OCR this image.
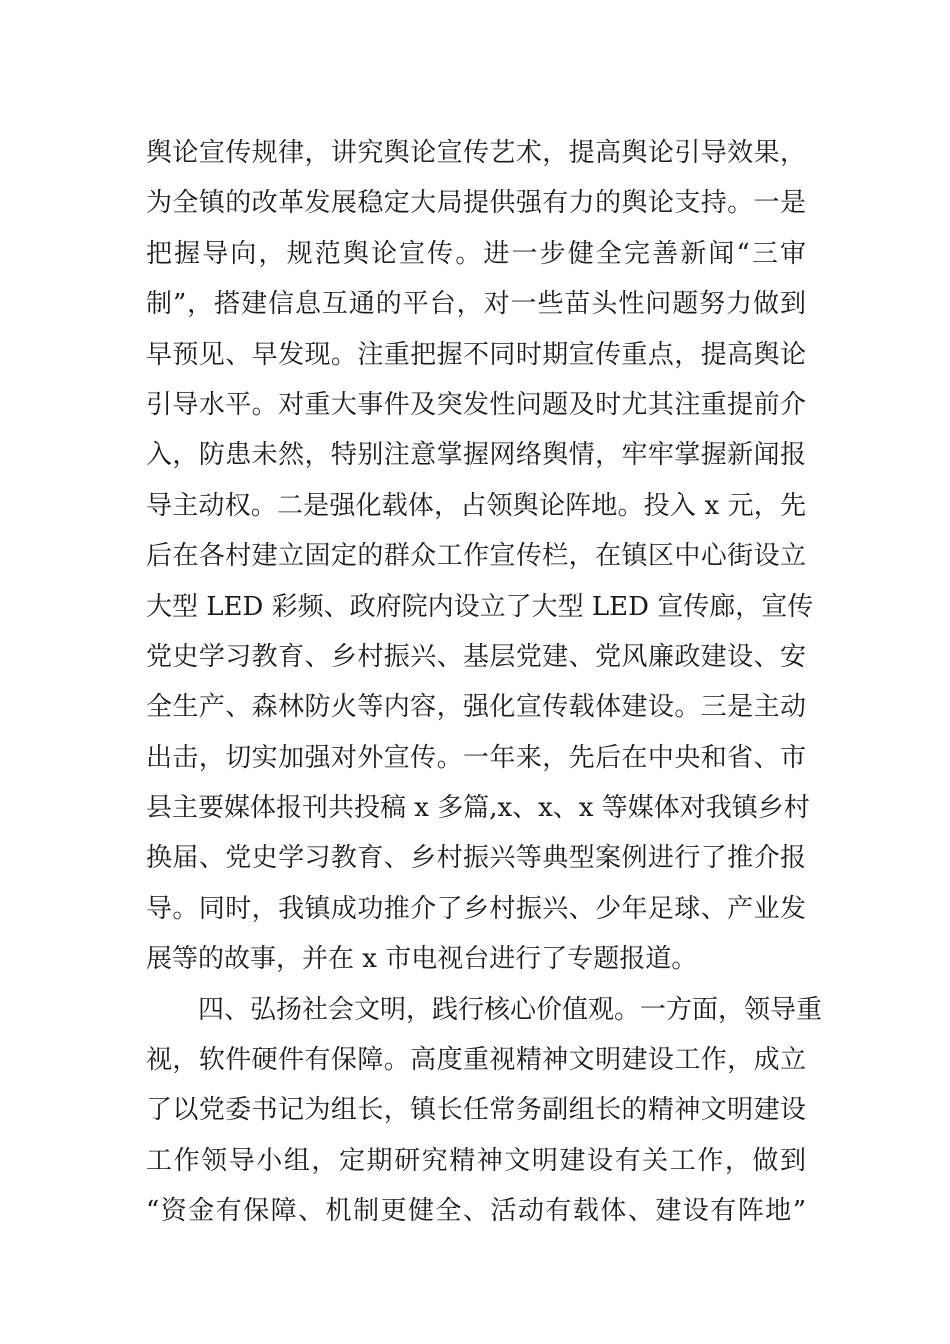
舆论宣传规律，讲究舆论宣传艺术，提高舆论引导效果，
为全镇的改革发展稳定大局提供强有力的舆论支持。一是
把握导向，规范舆论宣传。进一步健全完善新闻“三审
制”，搭建信息互通的平台，对一些苗头性问题努力做到
早预见、早发现。注重把握不同时期宣传重点，提高舆论
引导水平。对重大事件及突发性问题及时尤其注重提前介
入，防患未然，特别注意掌握网络舆情，牢牢掌握新闻报
导主动权。二是强化载体，占领舆论阵地。投入 x 元，先
后在各村建立固定的群众工作宣传栏，在镇区中心街设立
大型 LED 彩频、政府院内设立了大型 LED 宣传廊，宣传
党史学习教育、乡村振兴、基层党建、党风廉政建设、安
全生产、森林防火等内容，强化宣传载体建设。三是主动
出击，切实加强对外宣传。一年来，先后在中央和省、市
县主要媒体报刊共投稿 x 多篇,x、x、x 等媒体对我镇乡村
换届、党史学习教育、乡村振兴等典型案例进行了推介报
导。同时，我镇成功推介了乡村振兴、少年足球、产业发
展等的故事，并在 x 市电视台进行了专题报道。
四、弘扬社会文明，践行核心价值观。一方面，领导重
视，软件硬件有保障。高度重视精神文明建设工作，成立
了以党委书记为组长，镇长任常务副组长的精神文明建设
工作领导小组，定期研究精神文明建设有关工作，做到
“资金有保障、机制更健全、活动有载体、建设有阵地”
